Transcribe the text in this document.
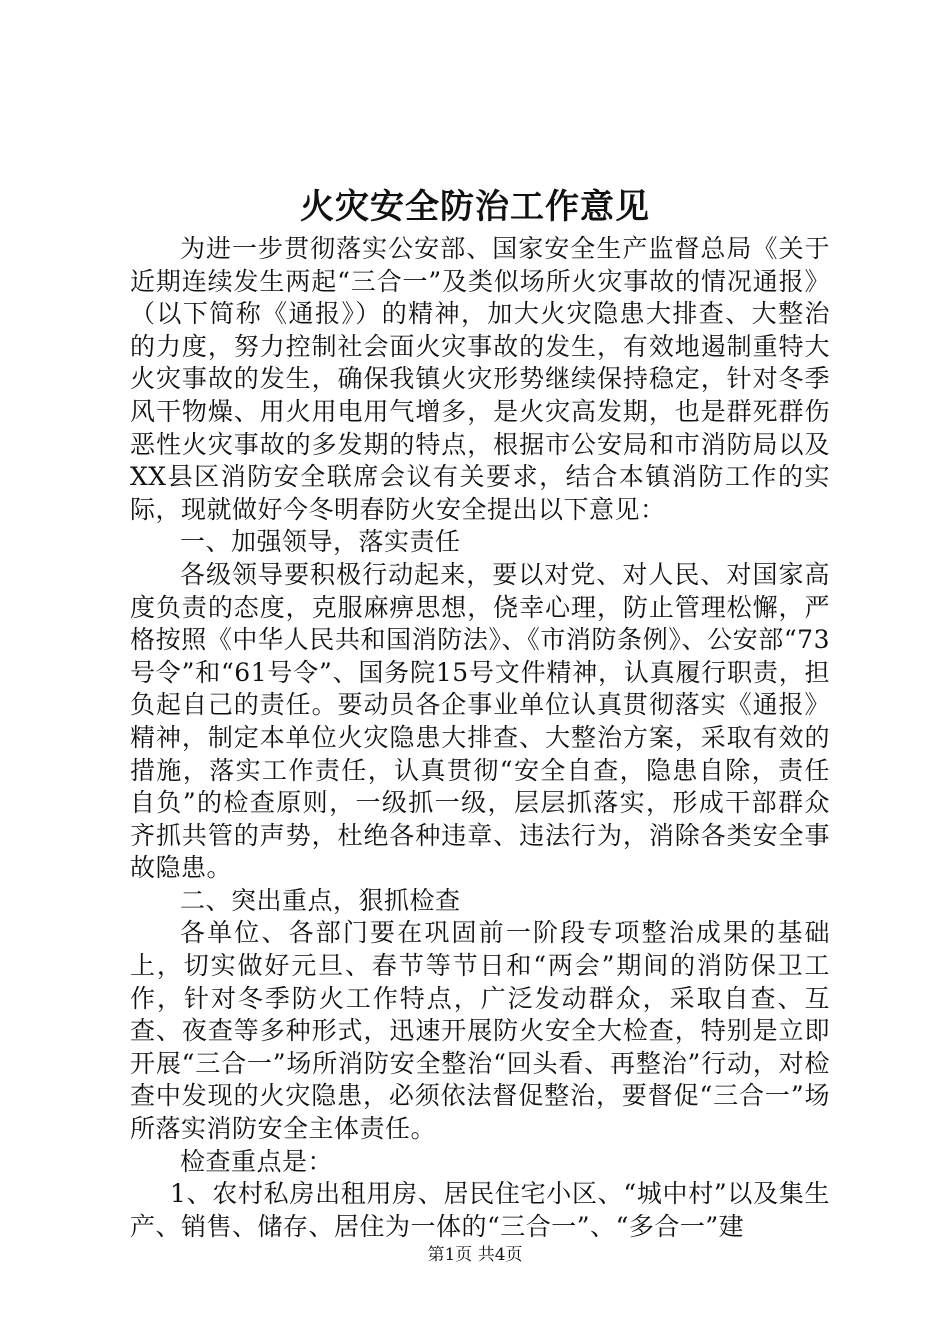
火灾安全防治工作意见

为进一步贯彻落实公安部、国家安全生产监督总局《关于近期连续发生两起“三合一”及类似场所火灾事故的情况通报》（以下简称《通报》）的精神，加大火灾隐患大排查、大整治的力度，努力控制社会面火灾事故的发生，有效地遏制重特大火灾事故的发生，确保我镇火灾形势继续保持稳定，针对冬季风干物燥、用火用电用气增多，是火灾高发期，也是群死群伤恶性火灾事故的多发期的特点，根据市公安局和市消防局以及XX县区消防安全联席会议有关要求，结合本镇消防工作的实际，现就做好今冬明春防火安全提出以下意见：

一、加强领导，落实责任

各级领导要积极行动起来，要以对党、对人民、对国家高度负责的态度，克服麻痹思想，侥幸心理，防止管理松懈，严格按照《中华人民共和国消防法》、《市消防条例》、公安部“73号令”和“61号令”、国务院15号文件精神，认真履行职责，担负起自己的责任。要动员各企事业单位认真贯彻落实《通报》精神，制定本单位火灾隐患大排查、大整治方案，采取有效的措施，落实工作责任，认真贯彻“安全自查，隐患自除，责任自负”的检查原则，一级抓一级，层层抓落实，形成干部群众齐抓共管的声势，杜绝各种违章、违法行为，消除各类安全事故隐患。

二、突出重点，狠抓检查

各单位、各部门要在巩固前一阶段专项整治成果的基础上，切实做好元旦、春节等节日和“两会”期间的消防保卫工作，针对冬季防火工作特点，广泛发动群众，采取自查、互查、夜查等多种形式，迅速开展防火安全大检查，特别是立即开展“三合一”场所消防安全整治“回头看、再整治”行动，对检查中发现的火灾隐患，必须依法督促整治，要督促“三合一”场所落实消防安全主体责任。

检查重点是：

1、农村私房出租用房、居民住宅小区、“城中村”以及集生产、销售、储存、居住为一体的“三合一”、“多合一”建

第1页 共4页
